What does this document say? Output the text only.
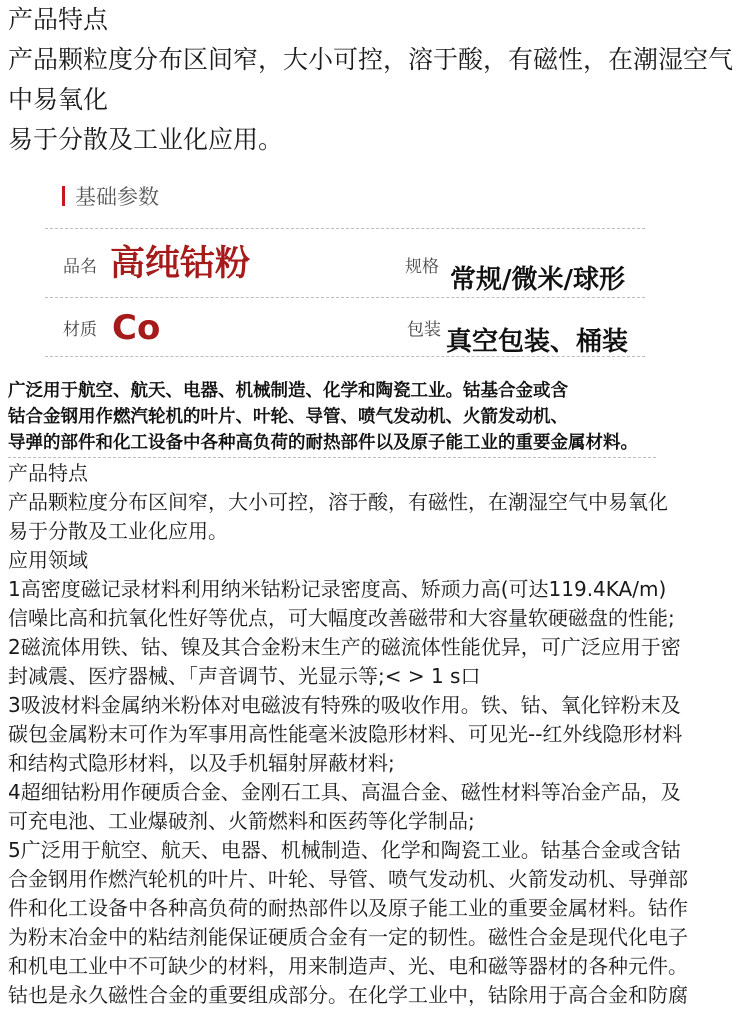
产品特点

产品颗粒度分布区间窄，大小可控，溶于酸，有磁性，在潮湿空气中易氧化

易于分散及工业化应用。

基础参数
品名 高纯钴粉	规格 常规/微米/球形
材质 Co	包装 真空包装、桶装
广泛用于航空、航天、电器、机械制造、化学和陶瓷工业。钴基合金或含
钴合金钢用作燃汽轮机的叶片、叶轮、导管、喷气发动机、火箭发动机、
导弹的部件和化工设备中各种高负荷的耐热部件以及原子能工业的重要金属材料。

产品特点

产品颗粒度分布区间窄，大小可控，溶于酸，有磁性，在潮湿空气中易氧化

易于分散及工业化应用。

应用领域

1高密度磁记录材料利用纳米钴粉记录密度高、矫顽力高(可达119.4KA/m)

信噪比高和抗氧化性好等优点，可大幅度改善磁带和大容量软硬磁盘的性能;

2磁流体用铁、钴、镍及其合金粉末生产的磁流体性能优异，可广泛应用于密

封减震、医疗器械、「声音调节、光显示等;< > 1 s口

3吸波材料金属纳米粉体对电磁波有特殊的吸收作用。铁、钴、氧化锌粉末及

碳包金属粉末可作为军事用高性能毫米波隐形材料、可见光--红外线隐形材料

和结构式隐形材料，以及手机辐射屏蔽材料;

4超细钴粉用作硬质合金、金刚石工具、高温合金、磁性材料等冶金产品，及

可充电池、工业爆破剂、火箭燃料和医药等化学制品;

5广泛用于航空、航天、电器、机械制造、化学和陶瓷工业。钴基合金或含钴

合金钢用作燃汽轮机的叶片、叶轮、导管、喷气发动机、火箭发动机、导弹部

件和化工设备中各种高负荷的耐热部件以及原子能工业的重要金属材料。钴作

为粉末冶金中的粘结剂能保证硬质合金有一定的韧性。磁性合金是现代化电子

和机电工业中不可缺少的材料，用来制造声、光、电和磁等器材的各种元件。

钴也是永久磁性合金的重要组成部分。在化学工业中，钴除用于高合金和防腐
